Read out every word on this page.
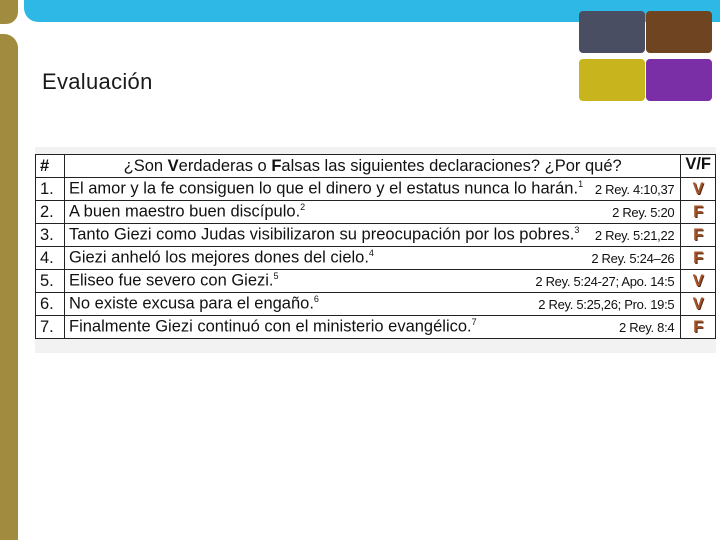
Evaluación
#	¿Son Verdaderas o Falsas las siguientes declaraciones? ¿Por qué?	V/F
1.	El amor y la fe consiguen lo que el dinero y el estatus nunca lo harán.$^1$ 2 Rey. 4:10,37	V
2.	A buen maestro buen discípulo.$^2$ 2 Rey. 5:20	F
3.	Tanto Giezi como Judas visibilizaron su preocupación por los pobres.$^3$ 2 Rey. 5:21,22	F
4.	Giezi anheló los mejores dones del cielo.$^4$ 2 Rey. 5:24–26	F
5.	Eliseo fue severo con Giezi.$^5$ 2 Rey. 5:24-27; Apo. 14:5	V
6.	No existe excusa para el engaño.$^6$ 2 Rey. 5:25,26; Pro. 19:5	V
7.	Finalmente Giezi continuó con el ministerio evangélico.$^7$ 2 Rey. 8:4	F
